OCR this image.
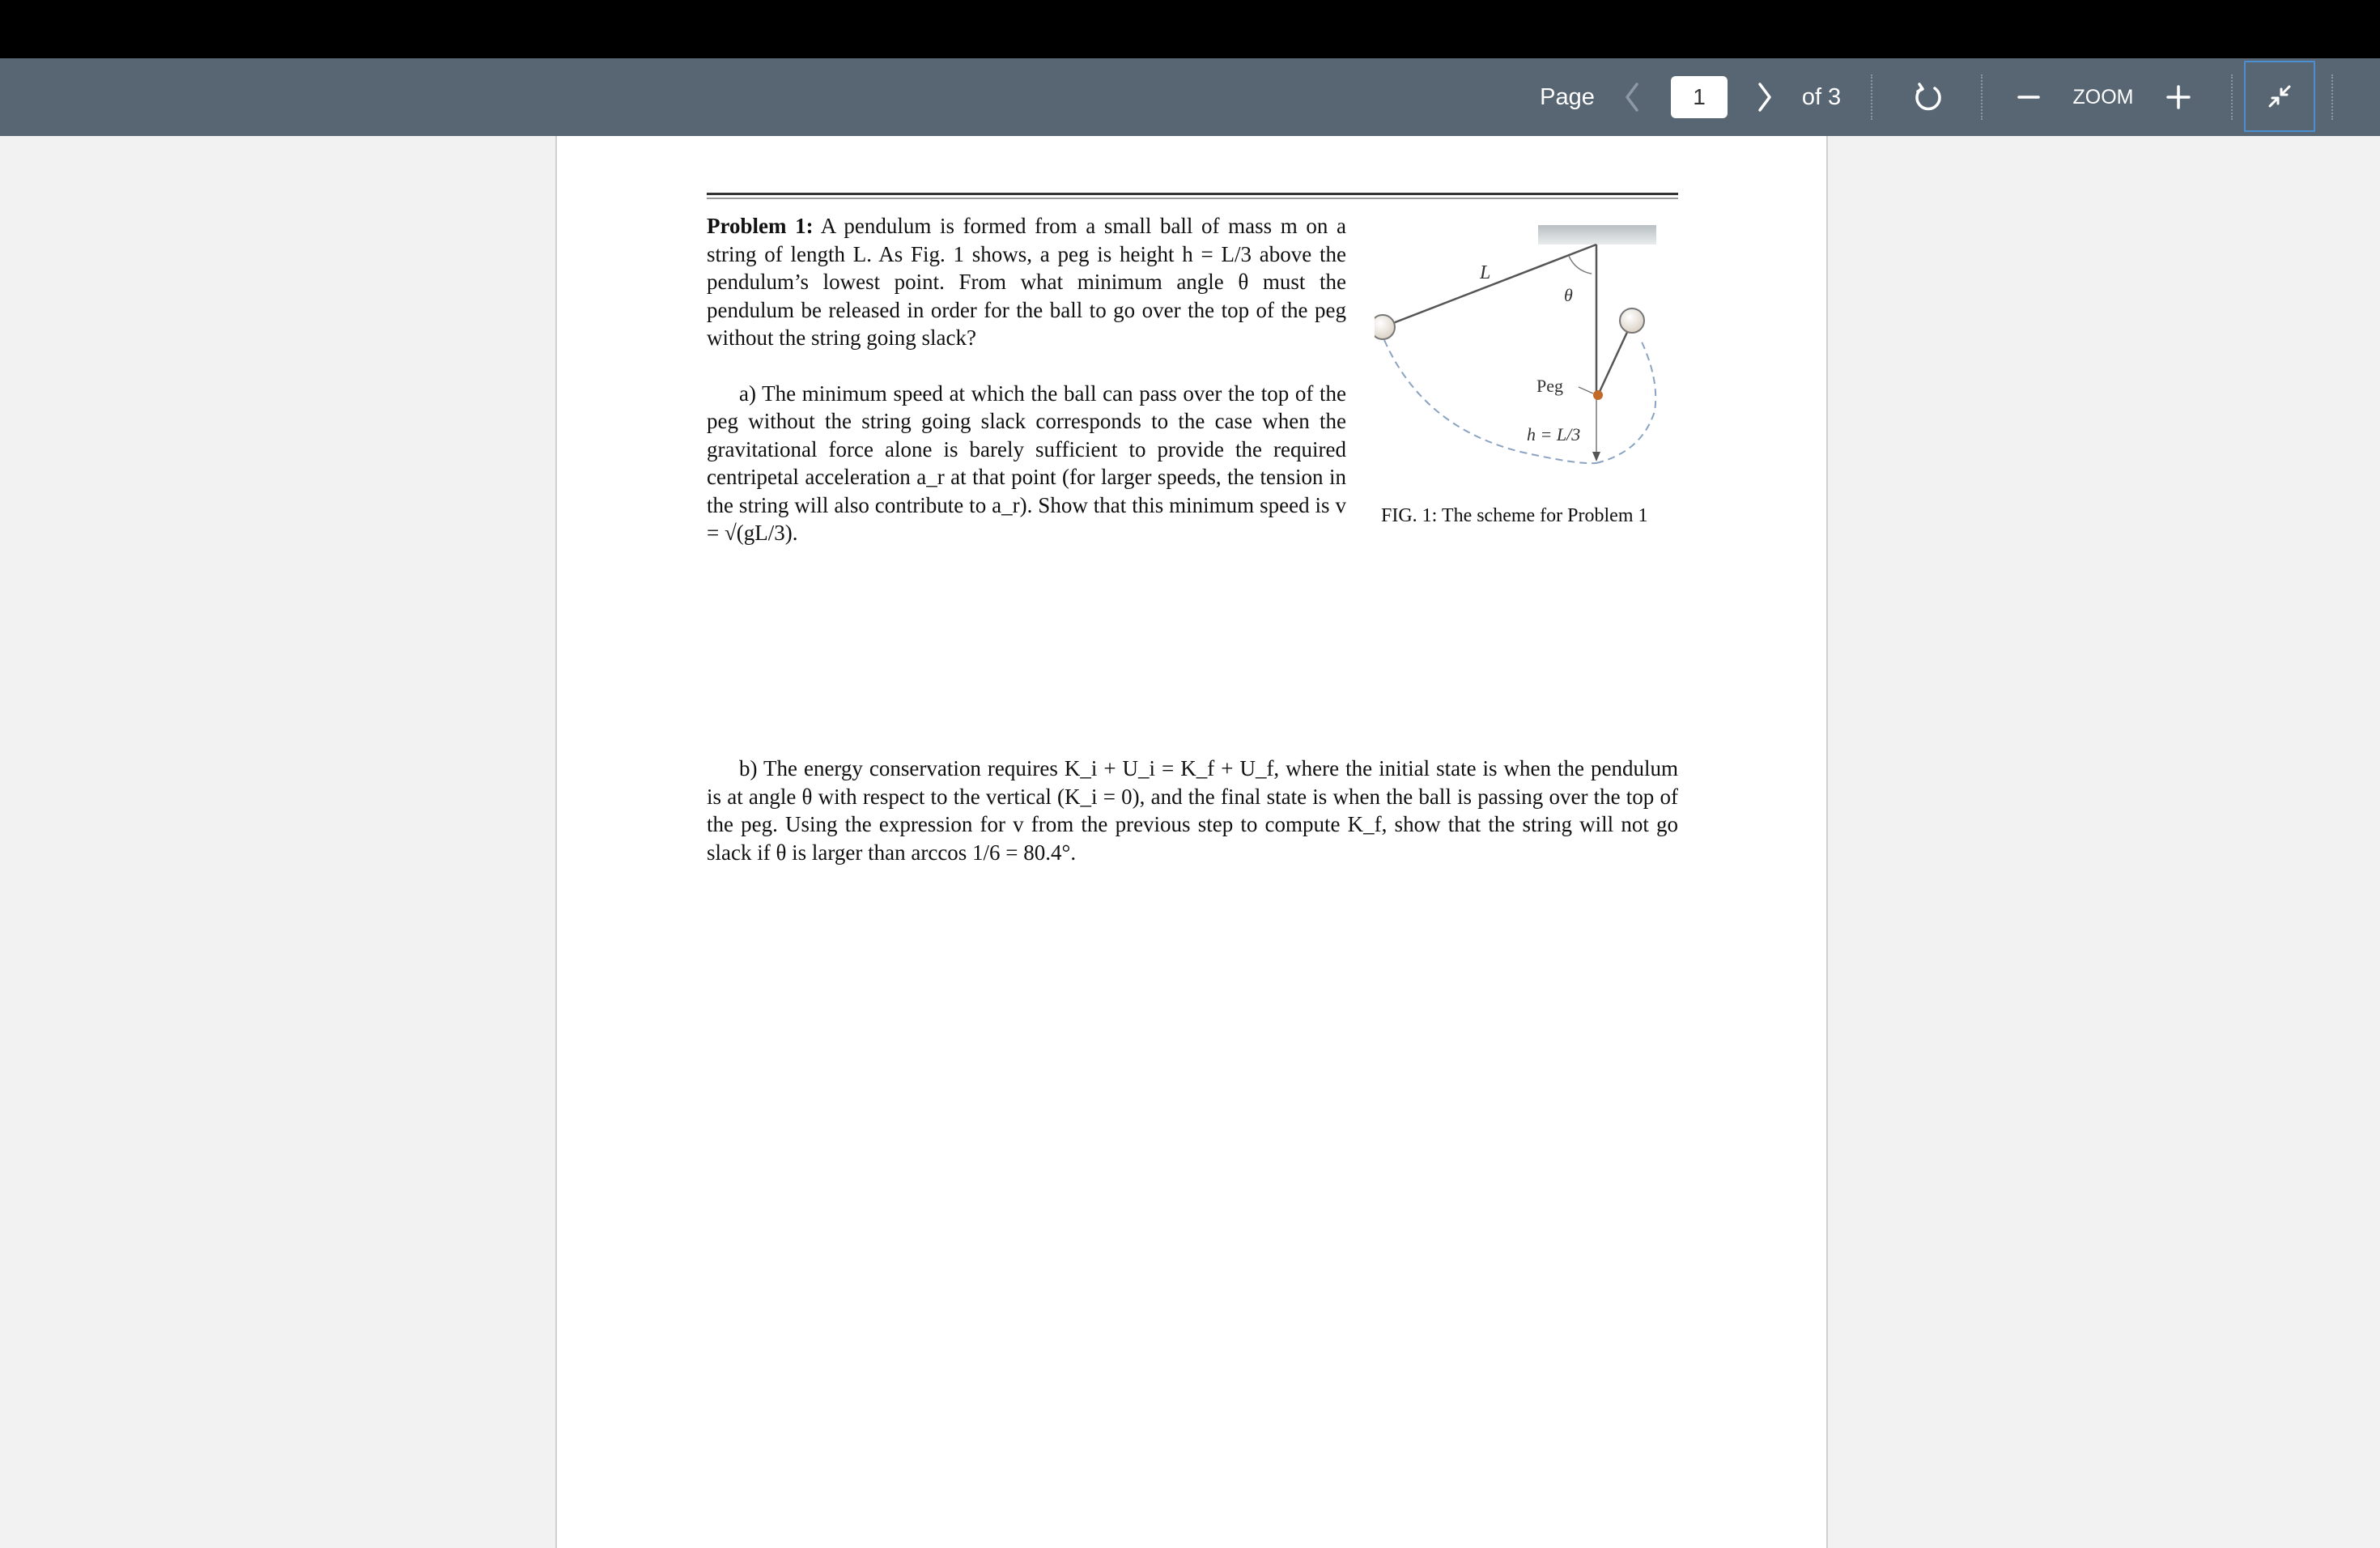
Page	of 3	ZOOM
1

Problem 1: A pendulum is formed from a small ball of mass m on a string of length L. As Fig. 1 shows, a peg is height h = L/3 above the pendulum’s lowest point. From what minimum angle θ must the pendulum be released in order for the ball to go over the top of the peg without the string going slack?

a) The minimum speed at which the ball can pass over the top of the peg without the string going slack corresponds to the case when the gravitational force alone is barely sufficient to provide the required centripetal acceleration a_r at that point (for larger speeds, the tension in the string will also contribute to a_r). Show that this minimum speed is v = √(gL/3).

L
θ
Peg
h = L/3
FIG. 1: The scheme for Problem 1

b) The energy conservation requires K_i + U_i = K_f + U_f, where the initial state is when the pendulum is at angle θ with respect to the vertical (K_i = 0), and the final state is when the ball is passing over the top of the peg. Using the expression for v from the previous step to compute K_f, show that the string will not go slack if θ is larger than arccos 1/6 = 80.4°.
